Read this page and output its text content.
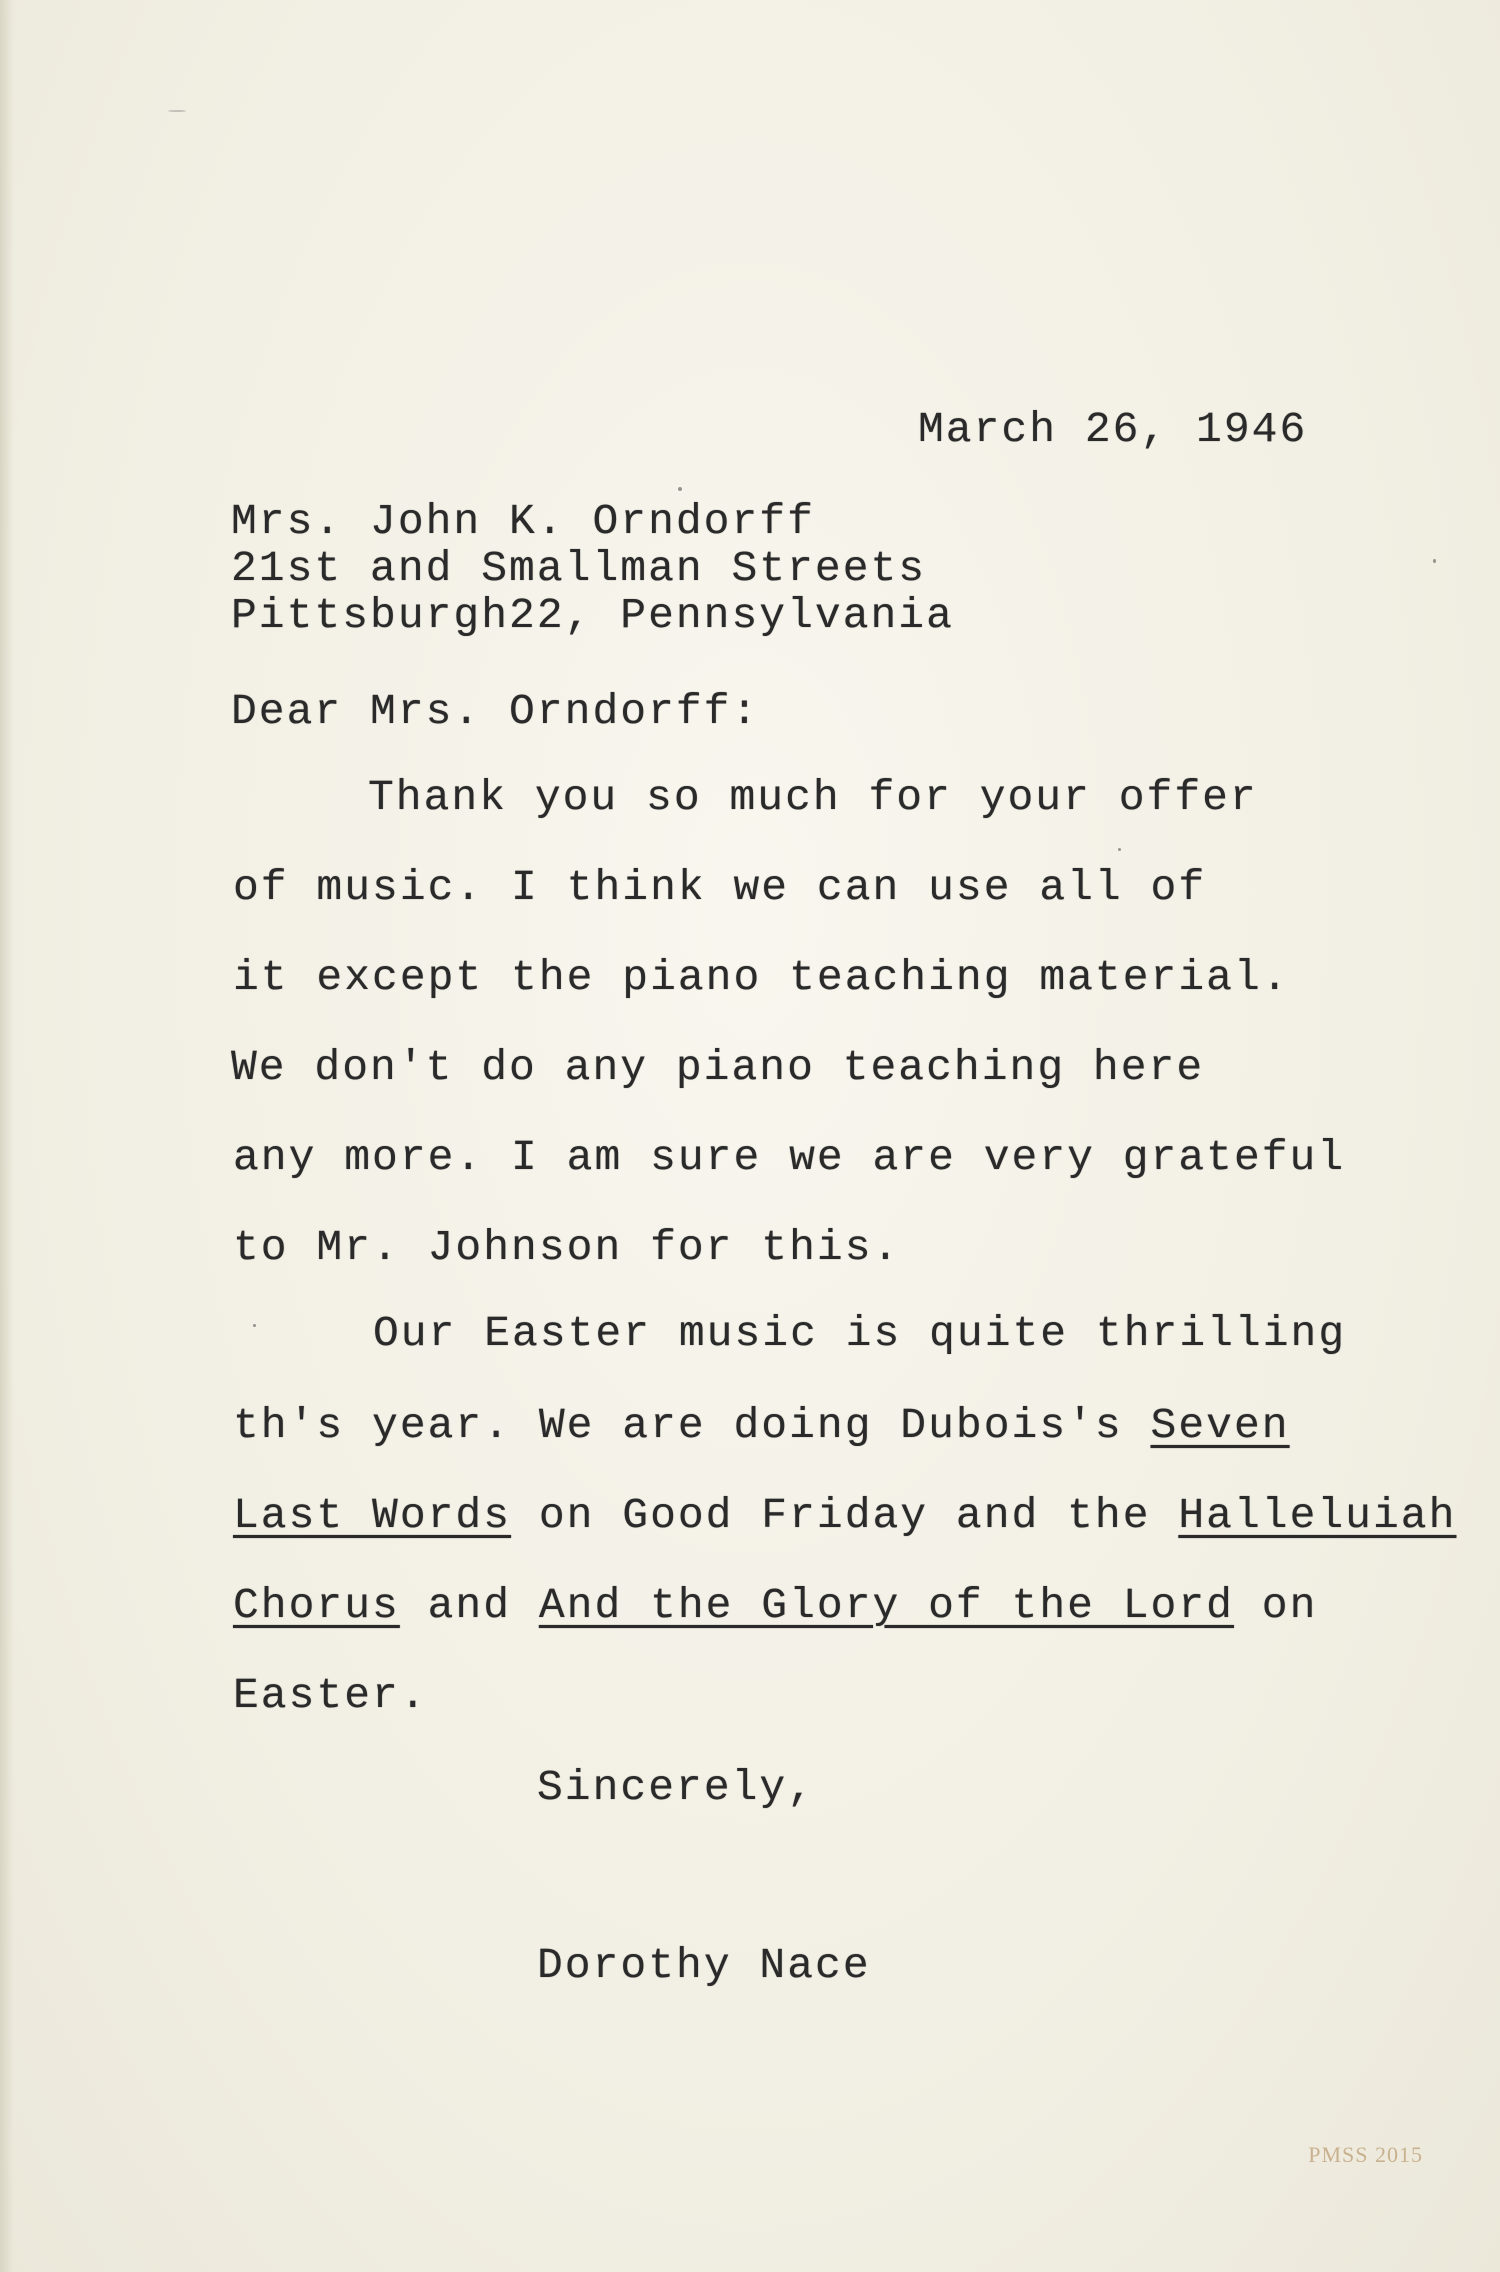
March 26, 1946
Mrs. John K. Orndorff
21st and Smallman Streets
Pittsburgh22, Pennsylvania
Dear Mrs. Orndorff:
Thank you so much for your offer
of music. I think we can use all of
it except the piano teaching material.
We don't do any piano teaching here
any more. I am sure we are very grateful
to Mr. Johnson for this.
Our Easter music is quite thrilling
th's year. We are doing Dubois's Seven
Last Words on Good Friday and the Halleluiah
Chorus and And the Glory of the Lord on
Easter.
Sincerely,
Dorothy Nace
PMSS 2015
